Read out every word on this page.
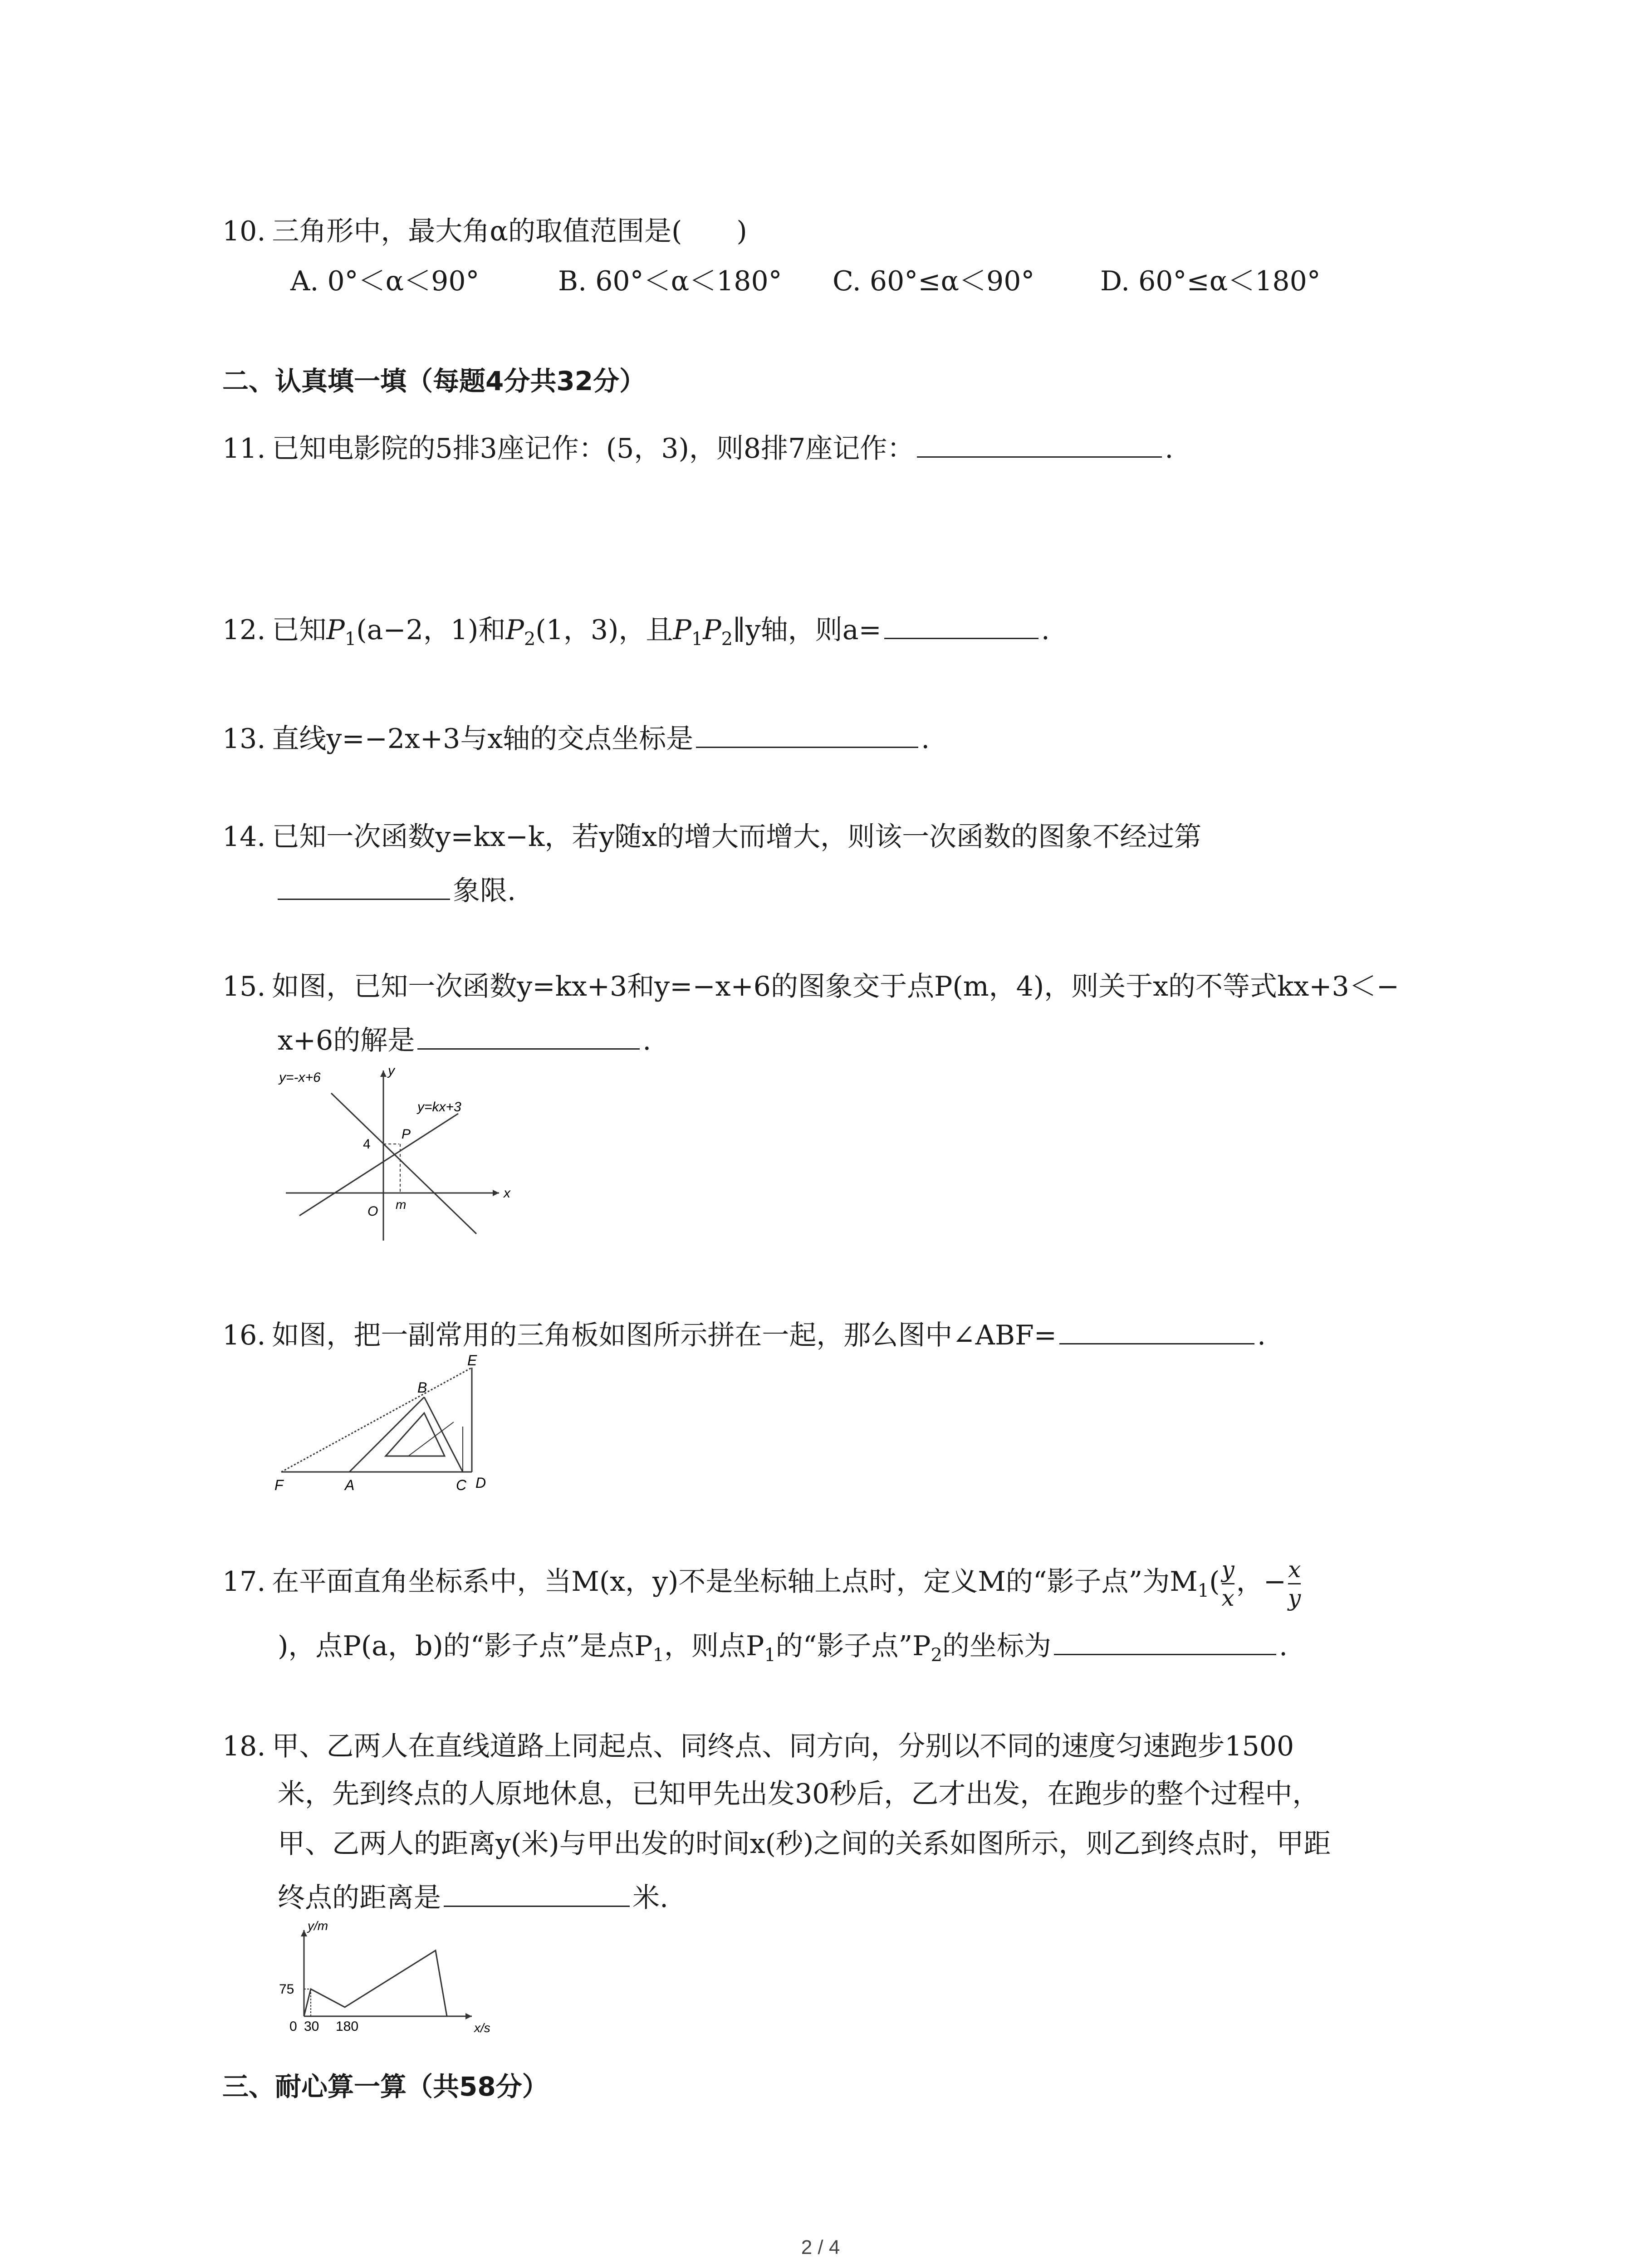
10. 三角形中，最大角α的取值范围是(　　)
A. 0°＜α＜90°	B. 60°＜α＜180° C. 60°≤α＜90° D. 60°≤α＜180°
二、认真填一填（每题4分共32分）
11. 已知电影院的5排3座记作：(5，3)，则8排7座记作：	.
12. 已知$P_1(a-2$，1)和$P_2(1$，3)，且$P_1P_2\parallel y$轴，则a=	.
13. 直线y=−2x+3与x轴的交点坐标是	.
14. 已知一次函数y=kx−k，若y随x的增大而增大，则该一次函数的图象不经过第
象限.
15. 如图，已知一次函数y=kx+3和y=−x+6的图象交于点P(m，4)，则关于x的不等式kx+3＜−
x+6的解是	.
y=-x+6
y=kx+3
y
x
P
4
m
O
16. 如图，把一副常用的三角板如图所示拼在一起，那么图中∠ABF=	.
E
B
F	A	C D
17. 在平面直角坐标系中，当M(x，y)不是坐标轴上点时，定义M的“影子点”为$M_1( \frac{y}{x}$ ，− $\frac{x}{y}$
)，点P(a，b)的“影子点”是点$P_1$，则点$P_1$的“影子点$”P_2$的坐标为	.
18. 甲、乙两人在直线道路上同起点、同终点、同方向，分别以不同的速度匀速跑步1500
米，先到终点的人原地休息，已知甲先出发30秒后，乙才出发，在跑步的整个过程中，
甲、乙两人的距离y(米)与甲出发的时间x(秒)之间的关系如图所示，则乙到终点时，甲距
终点的距离是	米.
y/m
x/s
75
0 30 180
三、耐心算一算（共58分）
2 / 4
